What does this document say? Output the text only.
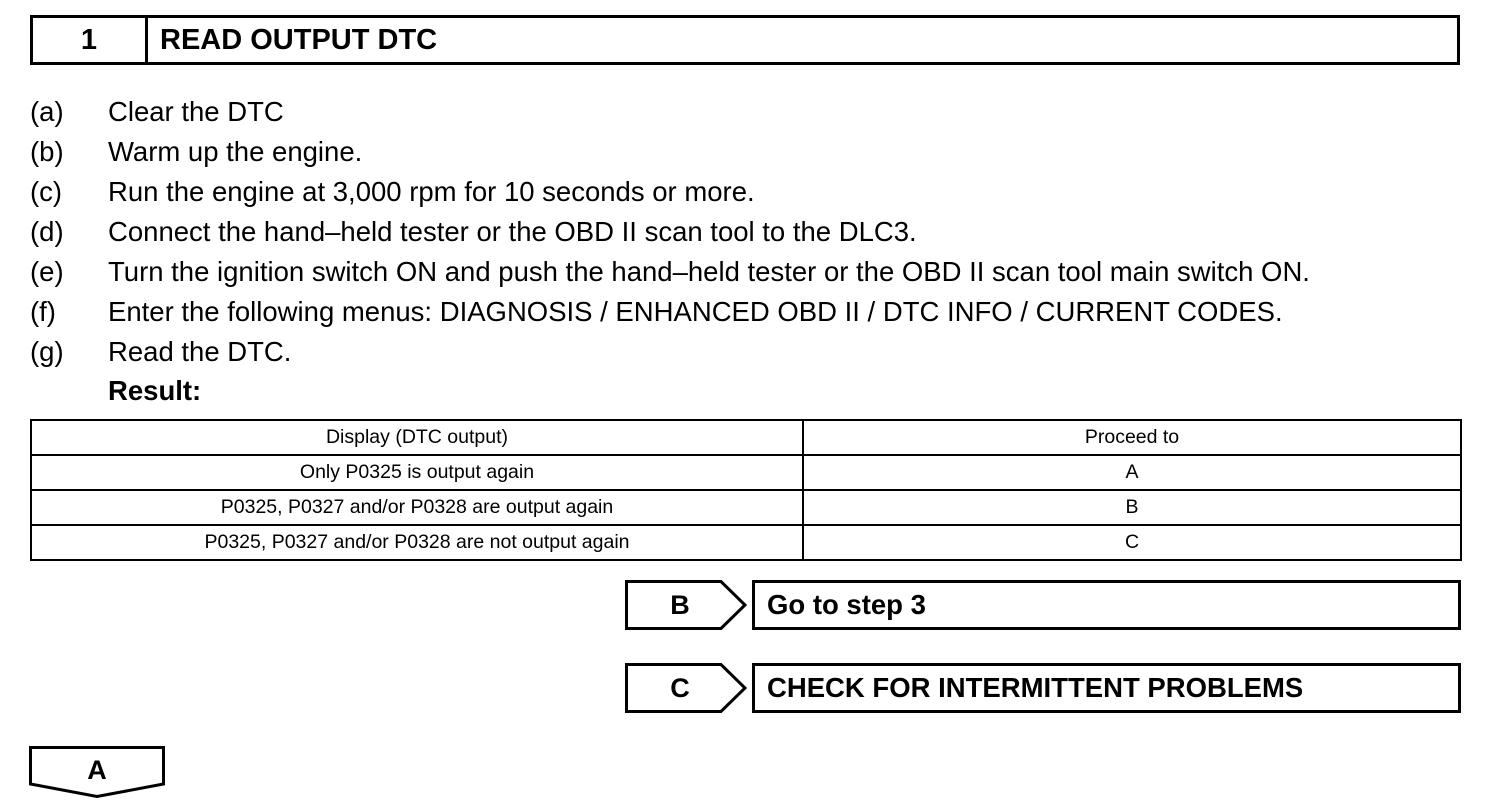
1	READ OUTPUT DTC
(a)	Clear the DTC
(b)	Warm up the engine.
(c)	Run the engine at 3,000 rpm for 10 seconds or more.
(d)	Connect the hand–held tester or the OBD II scan tool to the DLC3.
(e)	Turn the ignition switch ON and push the hand–held tester or the OBD II scan tool main switch ON.
(f)	Enter the following menus: DIAGNOSIS / ENHANCED OBD II / DTC INFO / CURRENT CODES.
(g)	Read the DTC.
Result:
Display (DTC output)	Proceed to
Only P0325 is output again	A
P0325, P0327 and/or P0328 are output again	B
P0325, P0327 and/or P0328 are not output again	C
B	Go to step 3
C	CHECK FOR INTERMITTENT PROBLEMS
A
